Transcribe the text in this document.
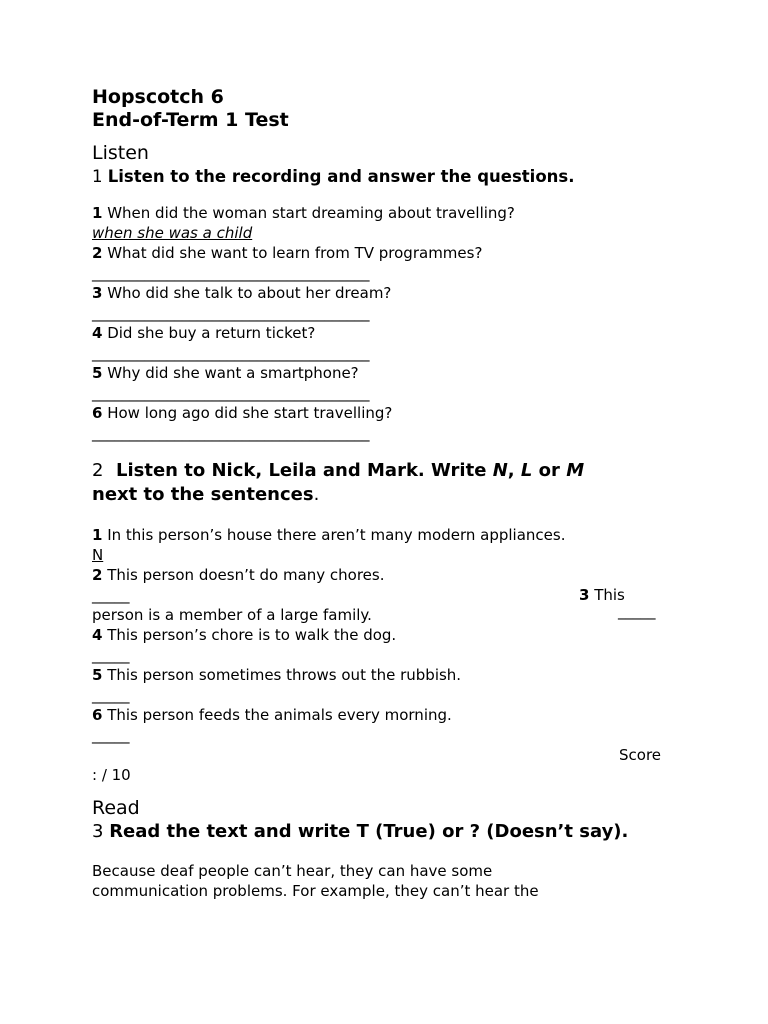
Hopscotch 6
End-of-Term 1 Test
Listen
1 Listen to the recording and answer the questions.
1 When did the woman start dreaming about travelling?
when she was a child
2 What did she want to learn from TV programmes?
_____________________________________
3 Who did she talk to about her dream?
_____________________________________
4 Did she buy a return ticket?
_____________________________________
5 Why did she want a smartphone?
_____________________________________
6 How long ago did she start travelling?
_____________________________________
2 Listen to Nick, Leila and Mark. Write N, L or M
next to the sentences.
1 In this person’s house there aren’t many modern appliances.
N
2 This person doesn’t do many chores.
_____	3 This
person is a member of a large family.	_____
4 This person’s chore is to walk the dog.
_____
5 This person sometimes throws out the rubbish.
_____
6 This person feeds the animals every morning.
_____
Score
: / 10
Read
3 Read the text and write T (True) or ? (Doesn’t say).
Because deaf people can’t hear, they can have some
communication problems. For example, they can’t hear the
